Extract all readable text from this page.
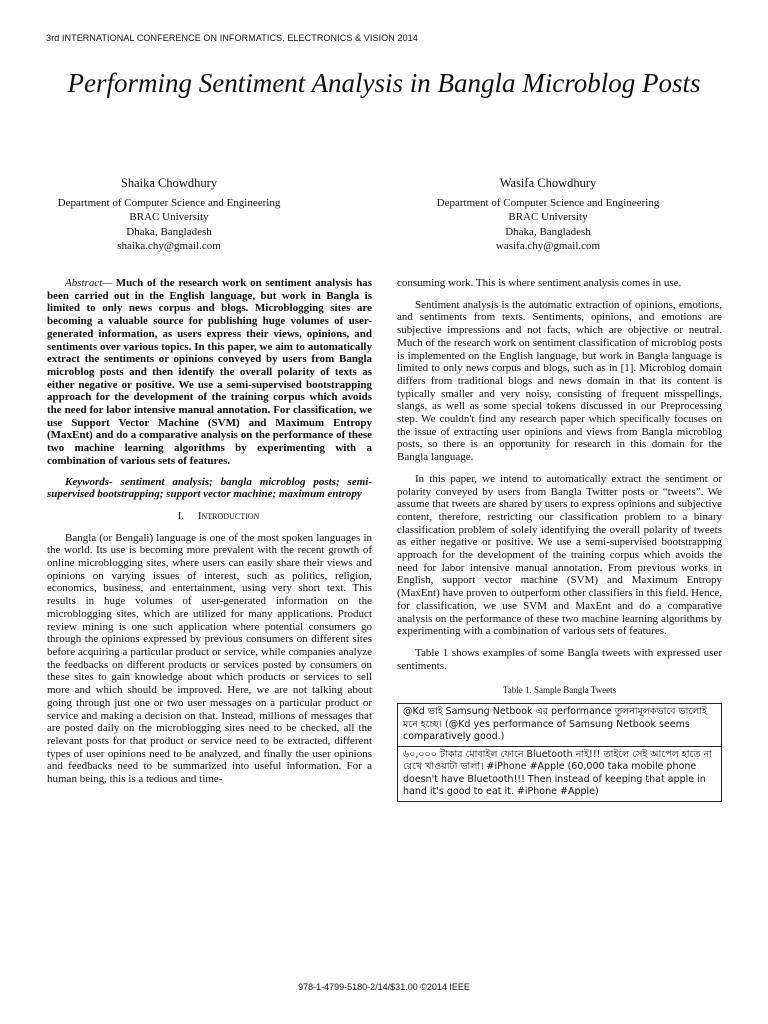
3rd INTERNATIONAL CONFERENCE ON INFORMATICS, ELECTRONICS & VISION 2014
Performing Sentiment Analysis in Bangla Microblog Posts
Shaika Chowdhury
Department of Computer Science and Engineering
BRAC University
Dhaka, Bangladesh
shaika.chy@gmail.com
Wasifa Chowdhury
Department of Computer Science and Engineering
BRAC University
Dhaka, Bangladesh
wasifa.chy@gmail.com

Abstract— Much of the research work on sentiment analysis has been carried out in the English language, but work in Bangla is limited to only news corpus and blogs. Microblogging sites are becoming a valuable source for publishing huge volumes of user-generated information, as users express their views, opinions, and sentiments over various topics. In this paper, we aim to automatically extract the sentiments or opinions conveyed by users from Bangla microblog posts and then identify the overall polarity of texts as either negative or positive. We use a semi-supervised bootstrapping approach for the development of the training corpus which avoids the need for labor intensive manual annotation. For classification, we use Support Vector Machine (SVM) and Maximum Entropy (MaxEnt) and do a comparative analysis on the performance of these two machine learning algorithms by experimenting with a combination of various sets of features.

Keywords- sentiment analysis; bangla microblog posts; semi-supervised bootstrapping; support vector machine; maximum entropy

I. Introduction

Bangla (or Bengali) language is one of the most spoken languages in the world. Its use is becoming more prevalent with the recent growth of online microblogging sites, where users can easily share their views and opinions on varying issues of interest, such as politics, religion, economics, business, and entertainment, using very short text. This results in huge volumes of user-generated information on the microblogging sites, which are utilized for many applications. Product review mining is one such application where potential consumers go through the opinions expressed by previous consumers on different sites before acquiring a particular product or service, while companies analyze the feedbacks on different products or services posted by consumers on these sites to gain knowledge about which products or services to sell more and which should be improved. Here, we are not talking about going through just one or two user messages on a particular product or service and making a decision on that. Instead, millions of messages that are posted daily on the microblogging sites need to be checked, all the relevant posts for that product or service need to be extracted, different types of user opinions need to be analyzed, and finally the user opinions and feedbacks need to be summarized into useful information. For a human being, this is a tedious and time-

consuming work. This is where sentiment analysis comes in use.

Sentiment analysis is the automatic extraction of opinions, emotions, and sentiments from texts. Sentiments, opinions, and emotions are subjective impressions and not facts, which are objective or neutral. Much of the research work on sentiment classification of microblog posts is implemented on the English language, but work in Bangla language is limited to only news corpus and blogs, such as in [1]. Microblog domain differs from traditional blogs and news domain in that its content is typically smaller and very noisy, consisting of frequent misspellings, slangs, as well as some special tokens discussed in our Preprocessing step. We couldn't find any research paper which specifically focuses on the issue of extracting user opinions and views from Bangla microblog posts, so there is an opportunity for research in this domain for the Bangla language.

In this paper, we intend to automatically extract the sentiment or polarity conveyed by users from Bangla Twitter posts or “tweets”. We assume that tweets are shared by users to express opinions and subjective content, therefore, restricting our classification problem to a binary classification problem of solely identifying the overall polarity of tweets as either negative or positive. We use a semi-supervised bootstrapping approach for the development of the training corpus which avoids the need for labor intensive manual annotation. From previous works in English, support vector machine (SVM) and Maximum Entropy (MaxEnt) have proven to outperform other classifiers in this field. Hence, for classification, we use SVM and MaxEnt and do a comparative analysis on the performance of these two machine learning algorithms by experimenting with a combination of various sets of features.

Table 1 shows examples of some Bangla tweets with expressed user sentiments.

Table 1. Sample Bangla Tweets
@Kd ভাই Samsung Netbook এর performance তুলনামূলকভাবে ভালোই মনে হচ্ছে। (@Kd yes performance of Samsung Netbook seems comparatively good.)
৬০,০০০ টাকার মোবাইল ফোনে Bluetooth নাই!!! তাইলে সেই আপেল হাতে না রেখে খাওয়াটা ভালা। #iPhone #Apple (60,000 taka mobile phone doesn't have Bluetooth!!! Then instead of keeping that apple in hand it's good to eat it. #iPhone #Apple)
978-1-4799-5180-2/14/$31.00 ©2014 IEEE
